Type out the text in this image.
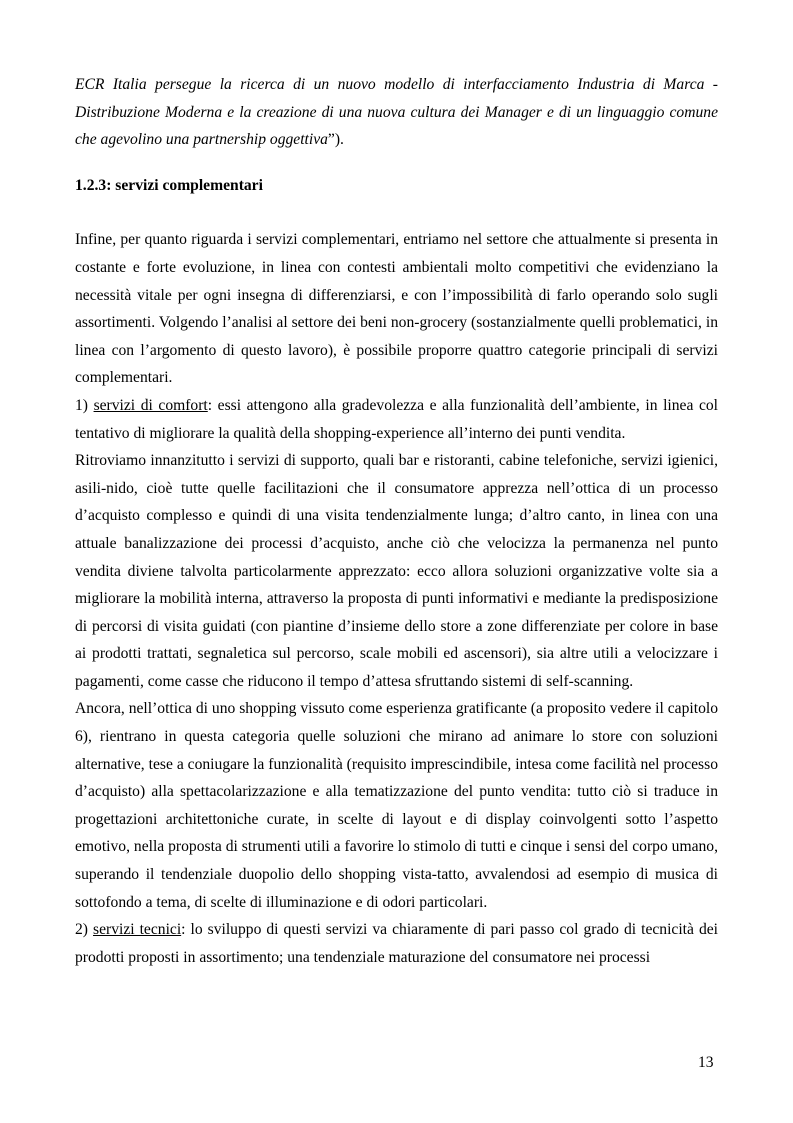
ECR Italia persegue la ricerca di un nuovo modello di interfacciamento Industria di Marca - Distribuzione Moderna e la creazione di una nuova cultura dei Manager e di un linguaggio comune che agevolino una partnership oggettiva”).

1.2.3: servizi complementari

Infine, per quanto riguarda i servizi complementari, entriamo nel settore che attualmente si presenta in costante e forte evoluzione, in linea con contesti ambientali molto competitivi che evidenziano la necessità vitale per ogni insegna di differenziarsi, e con l’impossibilità di farlo operando solo sugli assortimenti. Volgendo l’analisi al settore dei beni non-grocery (sostanzialmente quelli problematici, in linea con l’argomento di questo lavoro), è possibile proporre quattro categorie principali di servizi complementari.

1) servizi di comfort: essi attengono alla gradevolezza e alla funzionalità dell’ambiente, in linea col tentativo di migliorare la qualità della shopping-experience all’interno dei punti vendita.

Ritroviamo innanzitutto i servizi di supporto, quali bar e ristoranti, cabine telefoniche, servizi igienici, asili-nido, cioè tutte quelle facilitazioni che il consumatore apprezza nell’ottica di un processo d’acquisto complesso e quindi di una visita tendenzialmente lunga; d’altro canto, in linea con una attuale banalizzazione dei processi d’acquisto, anche ciò che velocizza la permanenza nel punto vendita diviene talvolta particolarmente apprezzato: ecco allora soluzioni organizzative volte sia a migliorare la mobilità interna, attraverso la proposta di punti informativi e mediante la predisposizione di percorsi di visita guidati (con piantine d’insieme dello store a zone differenziate per colore in base ai prodotti trattati, segnaletica sul percorso, scale mobili ed ascensori), sia altre utili a velocizzare i pagamenti, come casse che riducono il tempo d’attesa sfruttando sistemi di self-scanning.

Ancora, nell’ottica di uno shopping vissuto come esperienza gratificante (a proposito vedere il capitolo 6), rientrano in questa categoria quelle soluzioni che mirano ad animare lo store con soluzioni alternative, tese a coniugare la funzionalità (requisito imprescindibile, intesa come facilità nel processo d’acquisto) alla spettacolarizzazione e alla tematizzazione del punto vendita: tutto ciò si traduce in progettazioni architettoniche curate, in scelte di layout e di display coinvolgenti sotto l’aspetto emotivo, nella proposta di strumenti utili a favorire lo stimolo di tutti e cinque i sensi del corpo umano, superando il tendenziale duopolio dello shopping vista-tatto, avvalendosi ad esempio di musica di sottofondo a tema, di scelte di illuminazione e di odori particolari.

2) servizi tecnici: lo sviluppo di questi servizi va chiaramente di pari passo col grado di tecnicità dei prodotti proposti in assortimento; una tendenziale maturazione del consumatore nei processi

13
